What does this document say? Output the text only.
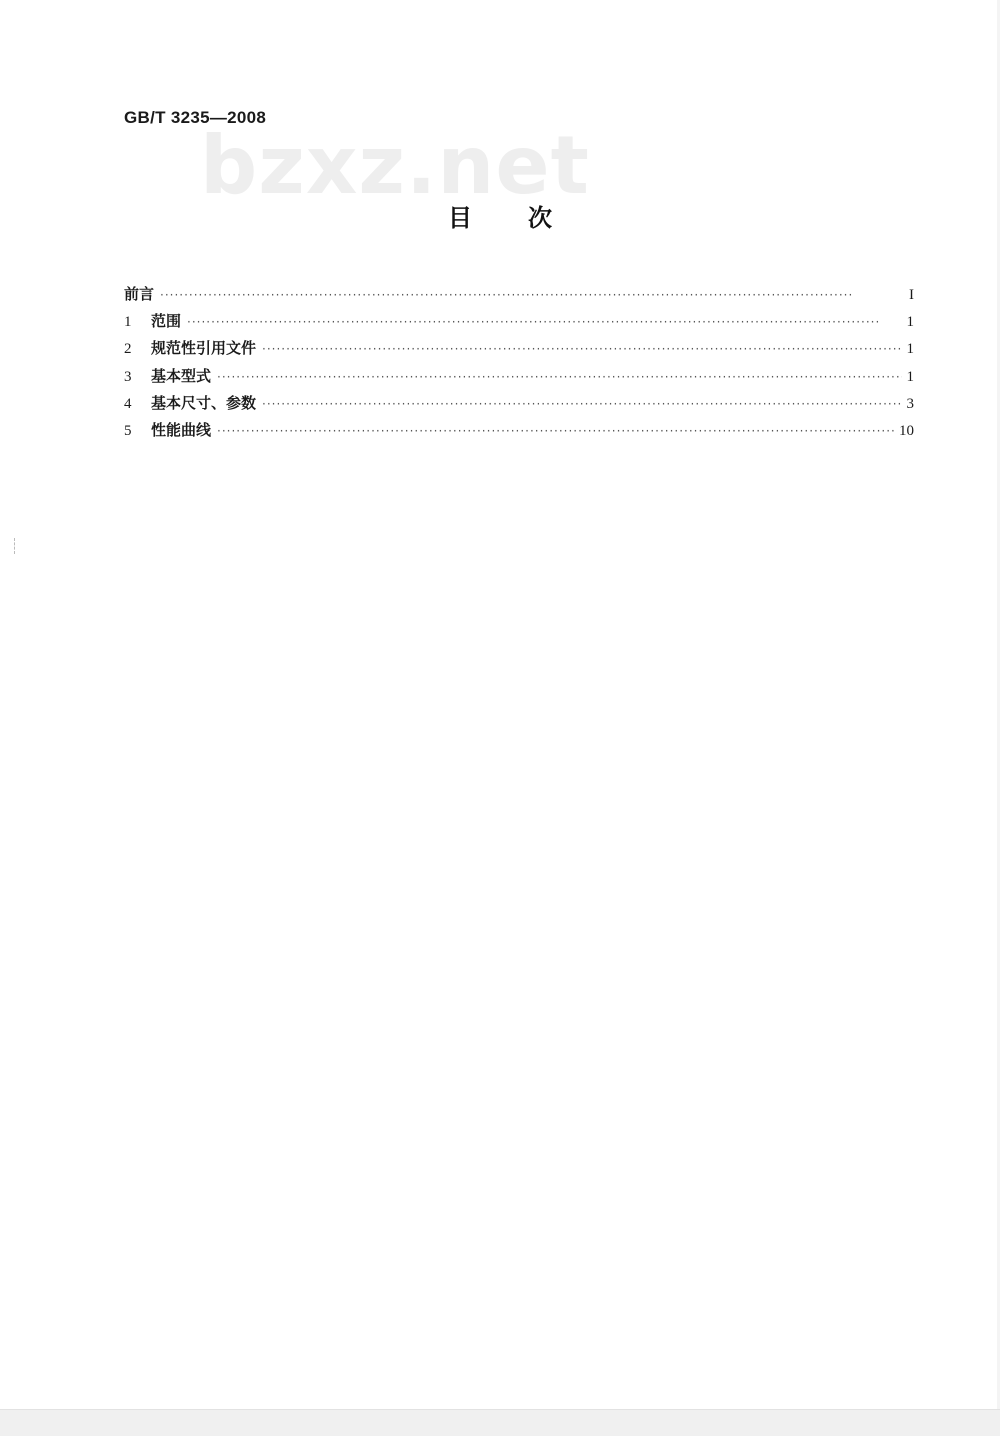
GB/T 3235—2008
bzxz.net
目 次
前言 ·····	I
1	范围 ·····	1
2	规范性引用文件 ·····	1
3	基本型式 ·····	1
4	基本尺寸、参数 ·····	3
5	性能曲线 ·····	10
